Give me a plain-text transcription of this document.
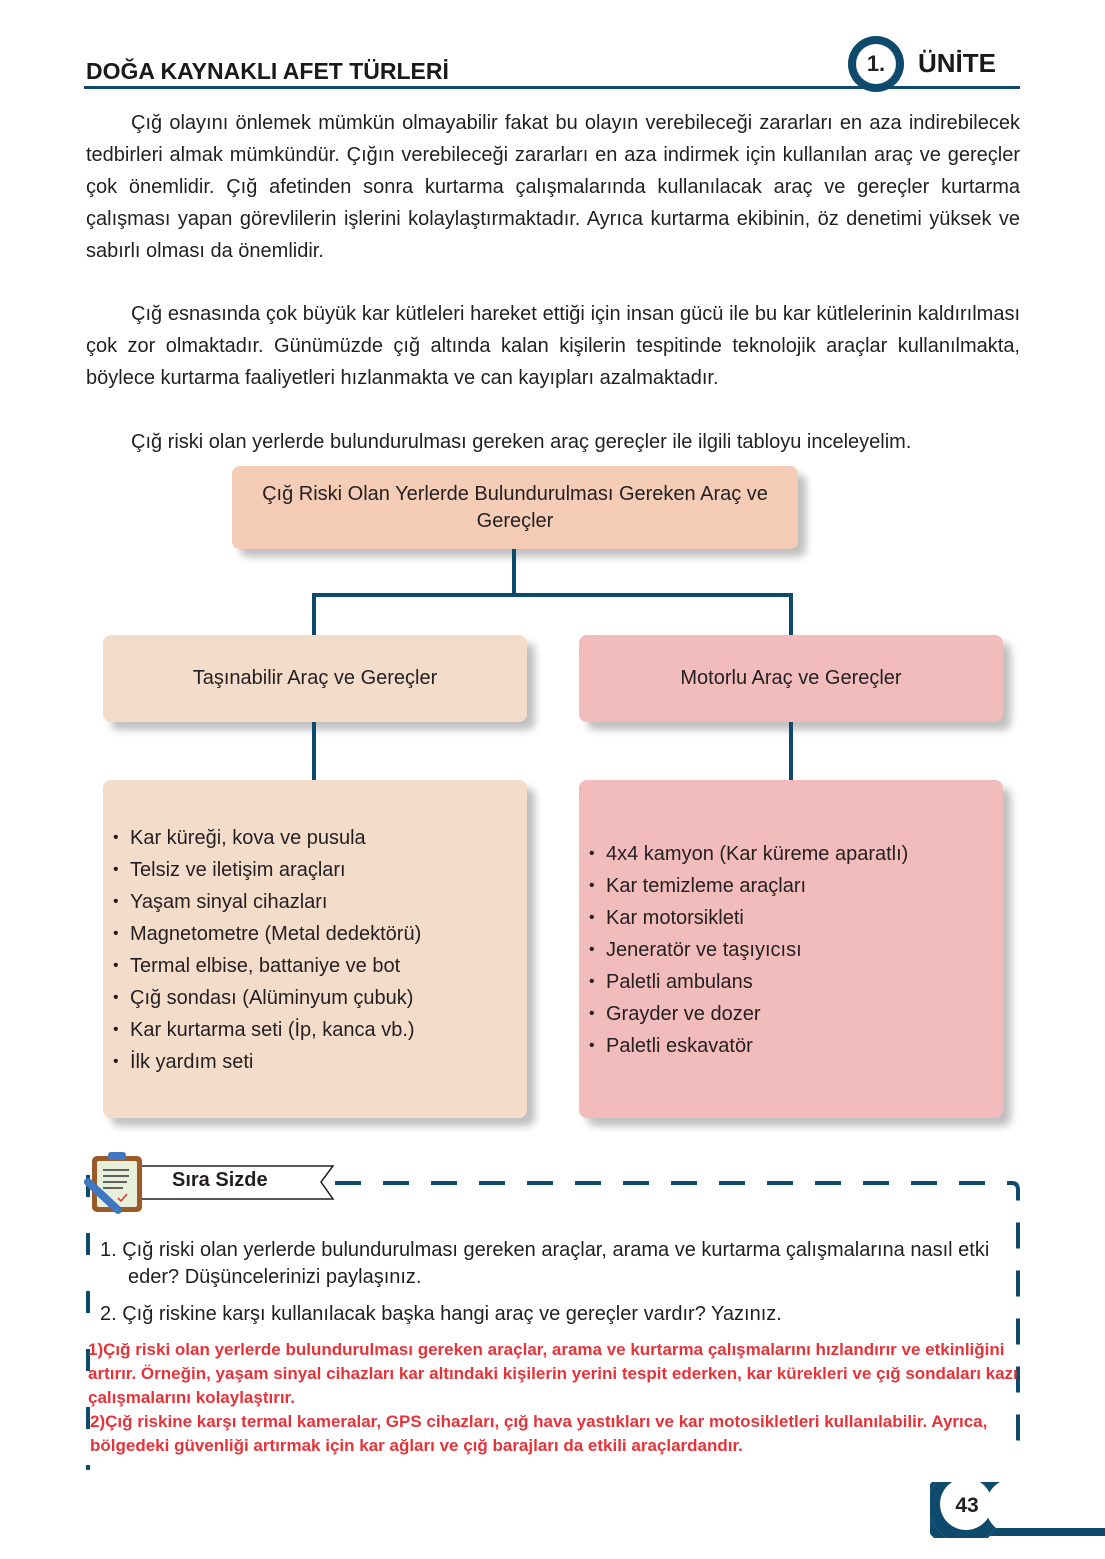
DOĞA KAYNAKLI AFET TÜRLERİ	1.	ÜNİTE

Çığ olayını önlemek mümkün olmayabilir fakat bu olayın verebileceği zararları en aza indirebilecek tedbirleri almak mümkündür. Çığın verebileceği zararları en aza indirmek için kullanılan araç ve gereçler çok önemlidir. Çığ afetinden sonra kurtarma çalışmalarında kullanılacak araç ve gereçler kurtarma çalışması yapan görevlilerin işlerini kolaylaştırmaktadır. Ayrıca kurtarma ekibinin, öz denetimi yüksek ve sabırlı olması da önemlidir.

Çığ esnasında çok büyük kar kütleleri hareket ettiği için insan gücü ile bu kar kütlelerinin kaldırılması çok zor olmaktadır. Günümüzde çığ altında kalan kişilerin tespitinde teknolojik araçlar kullanılmakta, böylece kurtarma faaliyetleri hızlanmakta ve can kayıpları azalmaktadır.

Çığ riski olan yerlerde bulundurulması gereken araç gereçler ile ilgili tabloyu inceleyelim.

Çığ Riski Olan Yerlerde Bulundurulması Gereken Araç ve Gereçler
Taşınabilir Araç ve Gereçler	Motorlu Araç ve Gereçler
• Kar küreği, kova ve pusula
• Telsiz ve iletişim araçları
• Yaşam sinyal cihazları
• Magnetometre (Metal dedektörü)
• Termal elbise, battaniye ve bot
• Çığ sondası (Alüminyum çubuk)
• Kar kurtarma seti (İp, kanca vb.)
• İlk yardım seti
• 4x4 kamyon (Kar küreme aparatlı)
• Kar temizleme araçları
• Kar motorsikleti
• Jeneratör ve taşıyıcısı
• Paletli ambulans
• Grayder ve dozer
• Paletli eskavatör
Sıra Sizde
1. Çığ riski olan yerlerde bulundurulması gereken araçlar, arama ve kurtarma çalışmalarına nasıl etki eder? Düşüncelerinizi paylaşınız.
2. Çığ riskine karşı kullanılacak başka hangi araç ve gereçler vardır? Yazınız.
1)Çığ riski olan yerlerde bulundurulması gereken araçlar, arama ve kurtarma çalışmalarını hızlandırır ve etkinliğini artırır. Örneğin, yaşam sinyal cihazları kar altındaki kişilerin yerini tespit ederken, kar kürekleri ve çığ sondaları kazı çalışmalarını kolaylaştırır.
2)Çığ riskine karşı termal kameralar, GPS cihazları, çığ hava yastıkları ve kar motosikletleri kullanılabilir. Ayrıca, bölgedeki güvenliği artırmak için kar ağları ve çığ barajları da etkili araçlardandır.
43
